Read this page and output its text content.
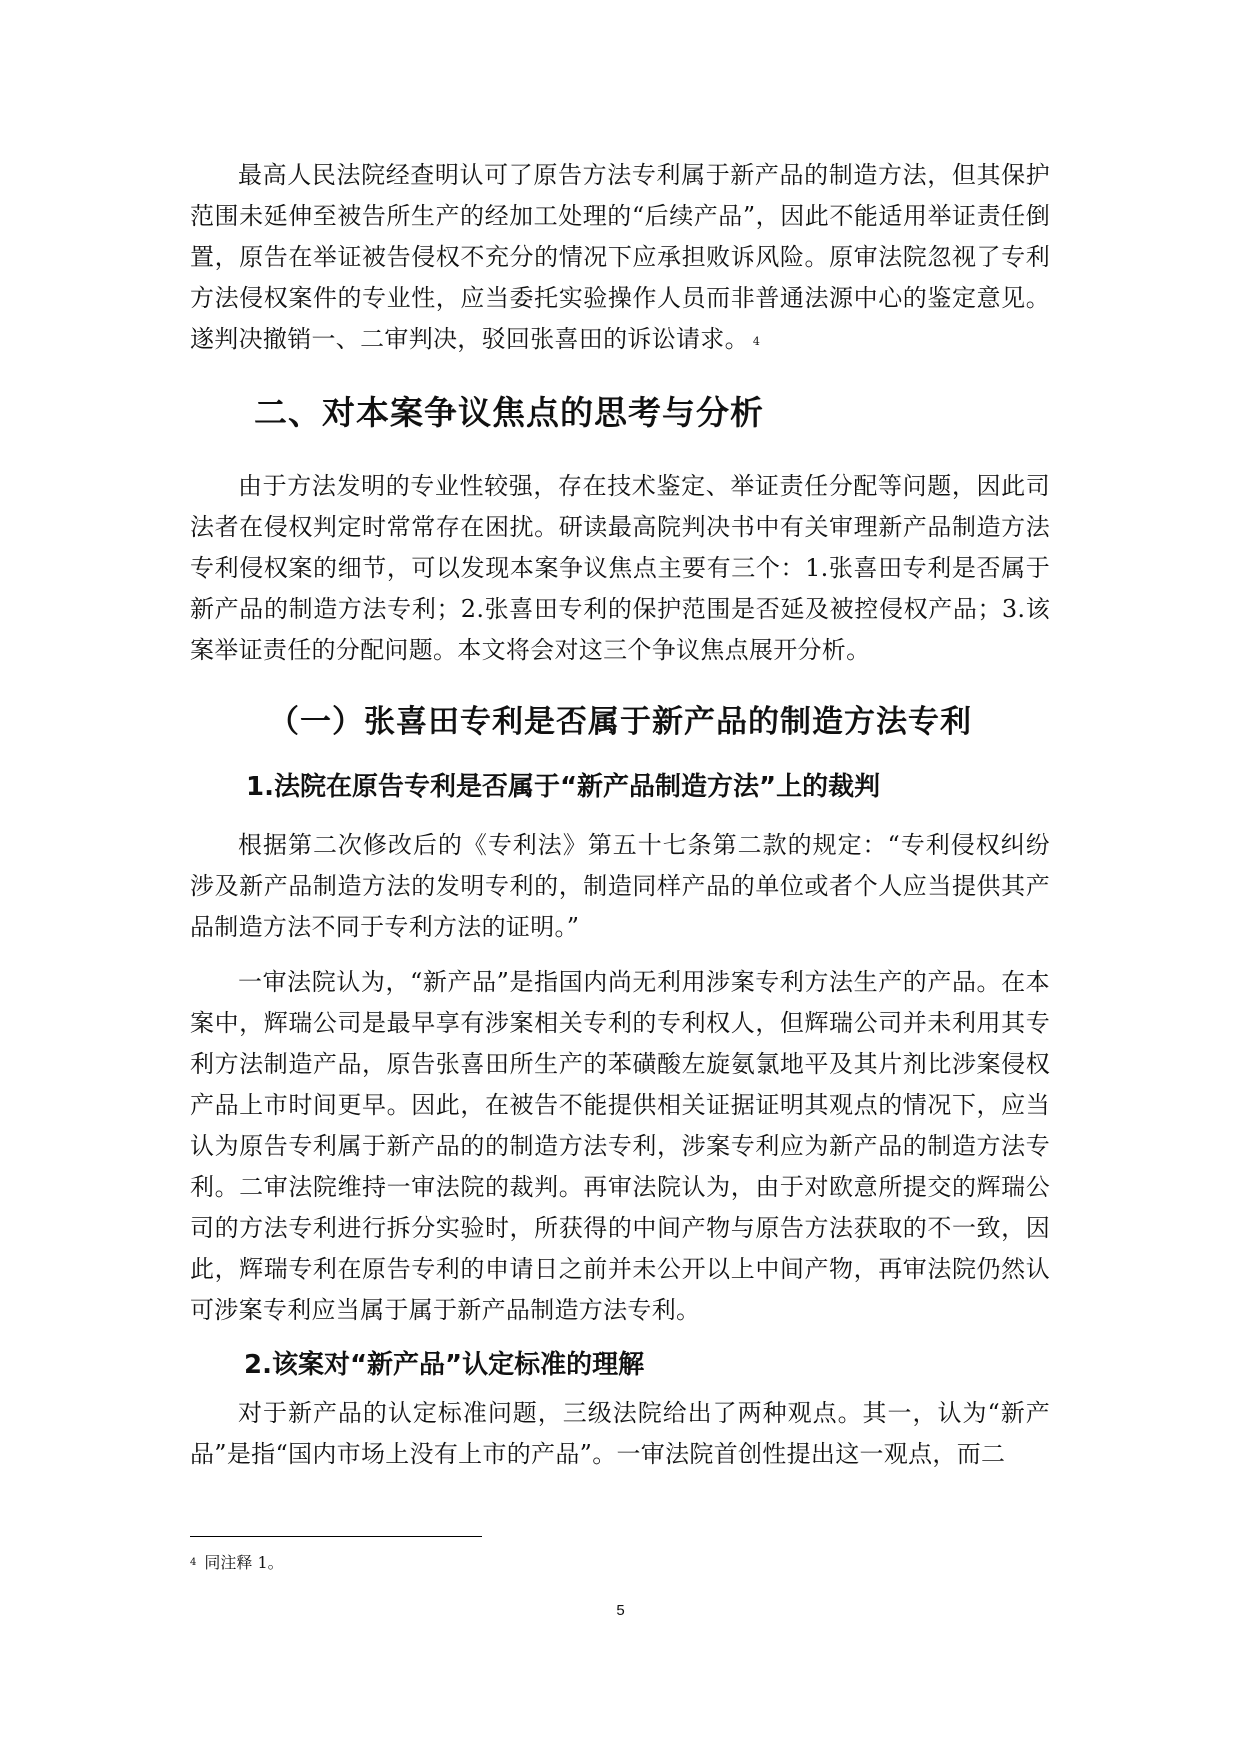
最高人民法院经查明认可了原告方法专利属于新产品的制造方法，但其保护范围未延伸至被告所生产的经加工处理的“后续产品”，因此不能适用举证责任倒置，原告在举证被告侵权不充分的情况下应承担败诉风险。原审法院忽视了专利方法侵权案件的专业性，应当委托实验操作人员而非普通法源中心的鉴定意见。遂判决撤销一、二审判决，驳回张喜田的诉讼请求。 $^4$

二、对本案争议焦点的思考与分析

由于方法发明的专业性较强，存在技术鉴定、举证责任分配等问题，因此司法者在侵权判定时常常存在困扰。研读最高院判决书中有关审理新产品制造方法专利侵权案的细节，可以发现本案争议焦点主要有三个：1.张喜田专利是否属于新产品的制造方法专利；2.张喜田专利的保护范围是否延及被控侵权产品；3.该案举证责任的分配问题。本文将会对这三个争议焦点展开分析。

（一）张喜田专利是否属于新产品的制造方法专利
1.法院在原告专利是否属于“新产品制造方法”上的裁判

根据第二次修改后的《专利法》第五十七条第二款的规定：“专利侵权纠纷涉及新产品制造方法的发明专利的，制造同样产品的单位或者个人应当提供其产品制造方法不同于专利方法的证明。”

一审法院认为，“新产品”是指国内尚无利用涉案专利方法生产的产品。在本案中，辉瑞公司是最早享有涉案相关专利的专利权人，但辉瑞公司并未利用其专利方法制造产品，原告张喜田所生产的苯磺酸左旋氨氯地平及其片剂比涉案侵权产品上市时间更早。因此，在被告不能提供相关证据证明其观点的情况下，应当认为原告专利属于新产品的的制造方法专利，涉案专利应为新产品的制造方法专利。二审法院维持一审法院的裁判。再审法院认为，由于对欧意所提交的辉瑞公司的方法专利进行拆分实验时，所获得的中间产物与原告方法获取的不一致，因此，辉瑞专利在原告专利的申请日之前并未公开以上中间产物，再审法院仍然认可涉案专利应当属于属于新产品制造方法专利。

2.该案对“新产品”认定标准的理解

对于新产品的认定标准问题，三级法院给出了两种观点。其一，认为“新产品”是指“国内市场上没有上市的产品”。一审法院首创性提出这一观点，而二

$^4$ 同注释 1。
5
